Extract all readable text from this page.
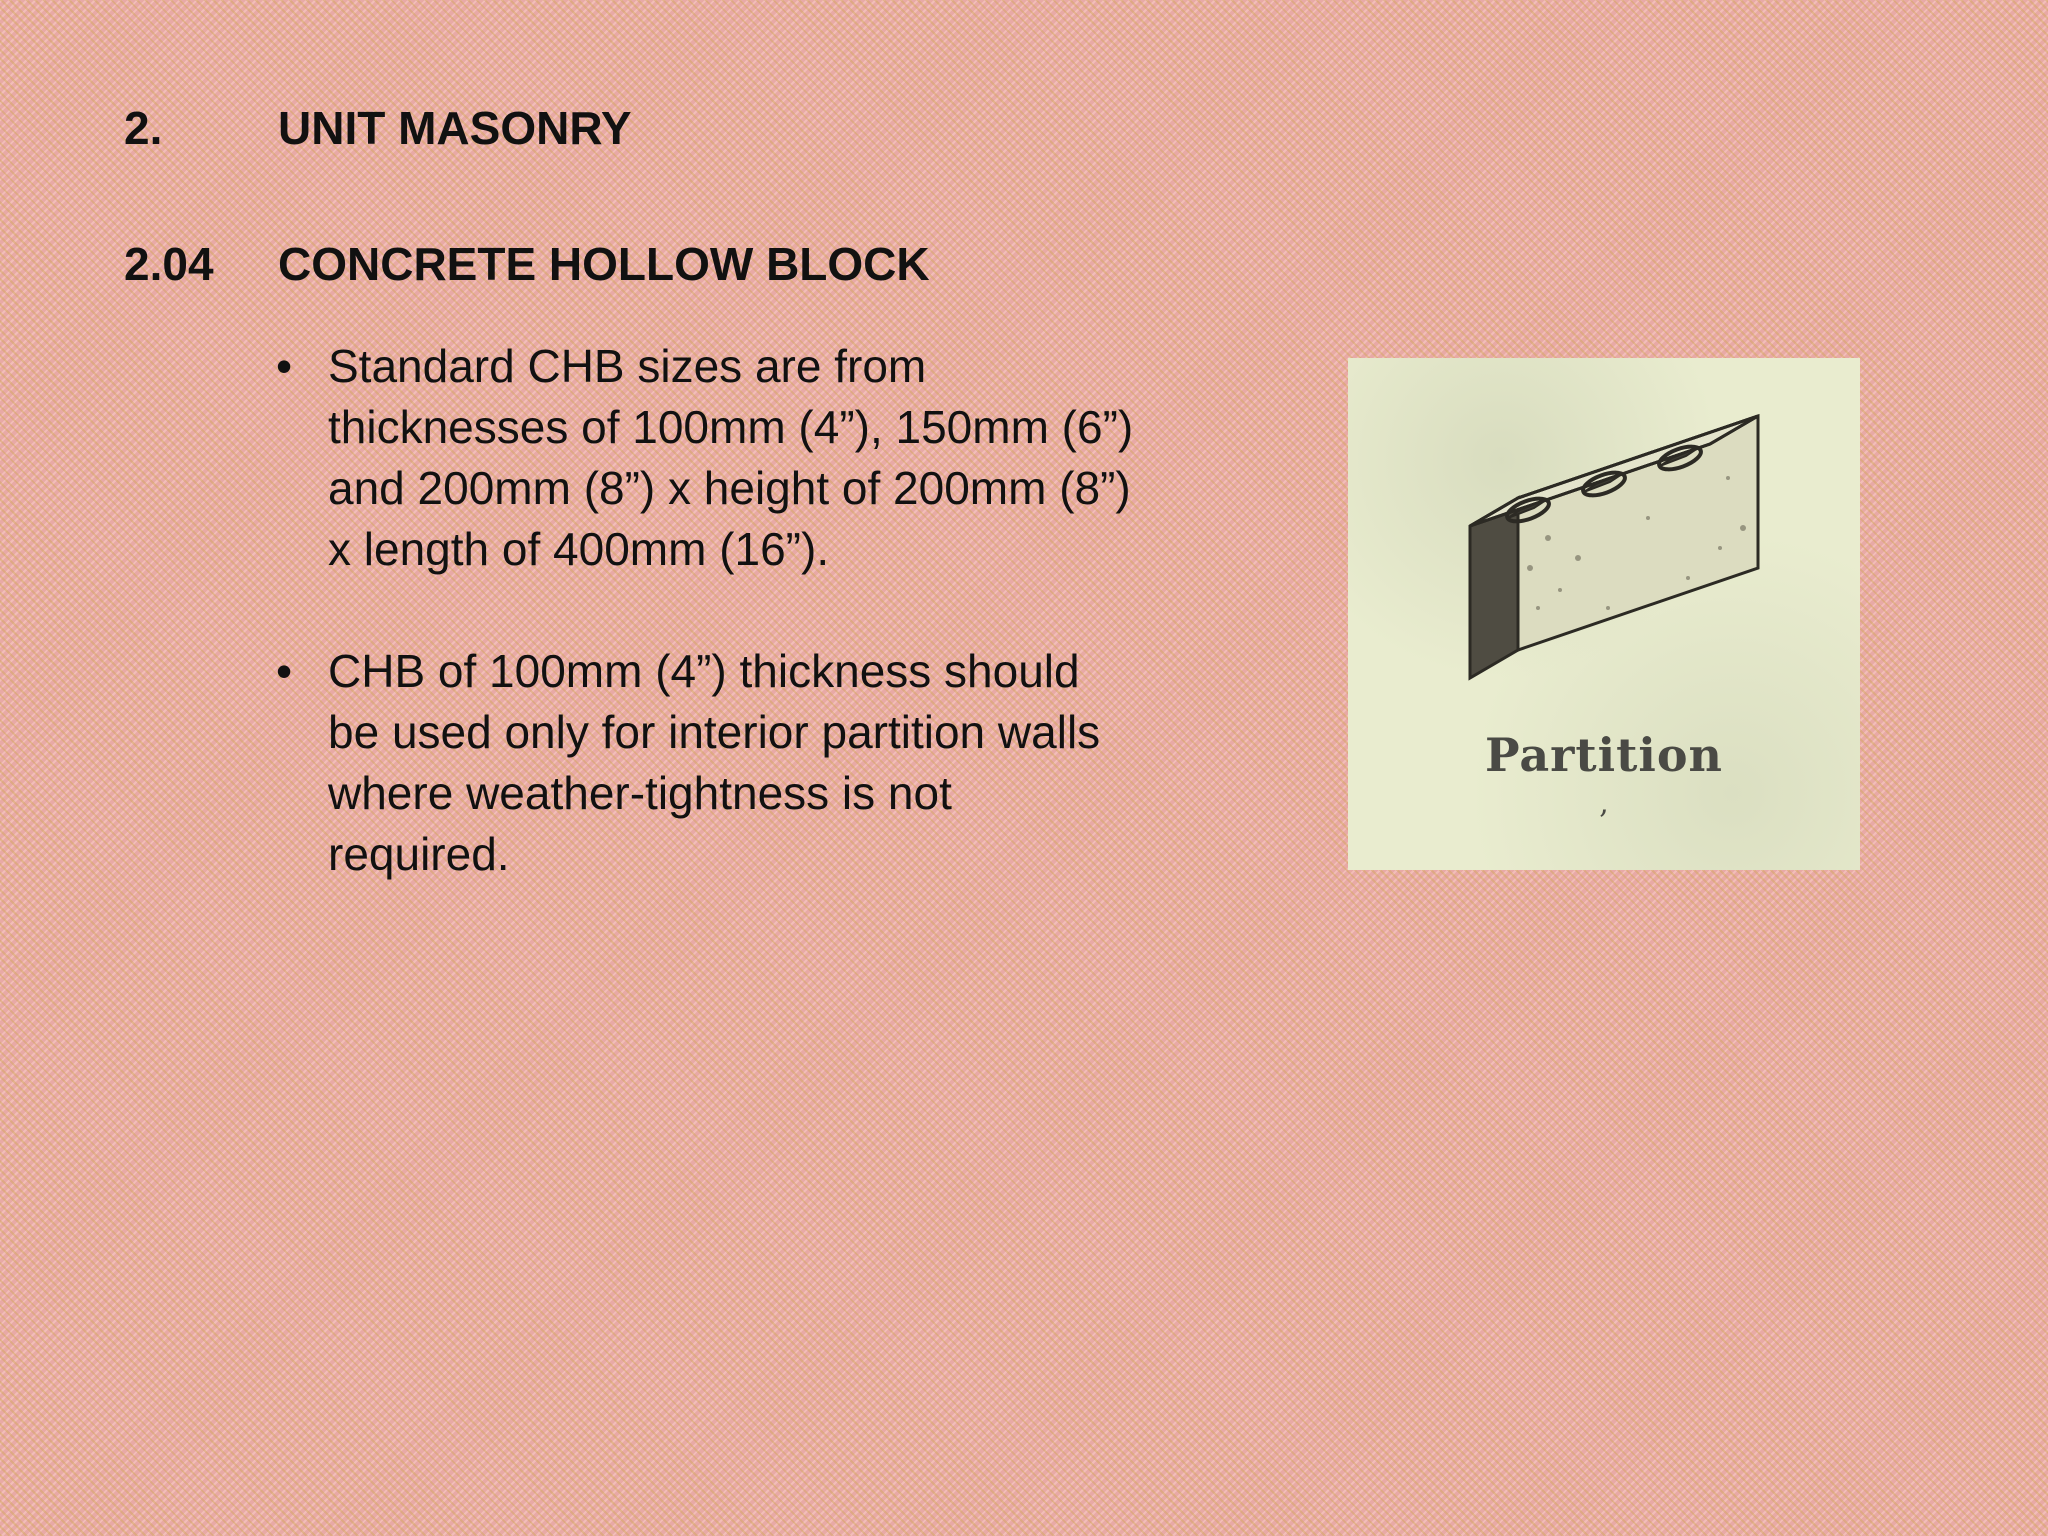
2.	UNIT MASONRY
2.04 CONCRETE HOLLOW BLOCK
• Standard CHB sizes are from
thicknesses of 100mm (4”), 150mm (6”)
and 200mm (8”) x height of 200mm (8”)
x length of 400mm (16”).
• CHB of 100mm (4”) thickness should
be used only for interior partition walls
where weather-tightness is not
required.
,
Partition
